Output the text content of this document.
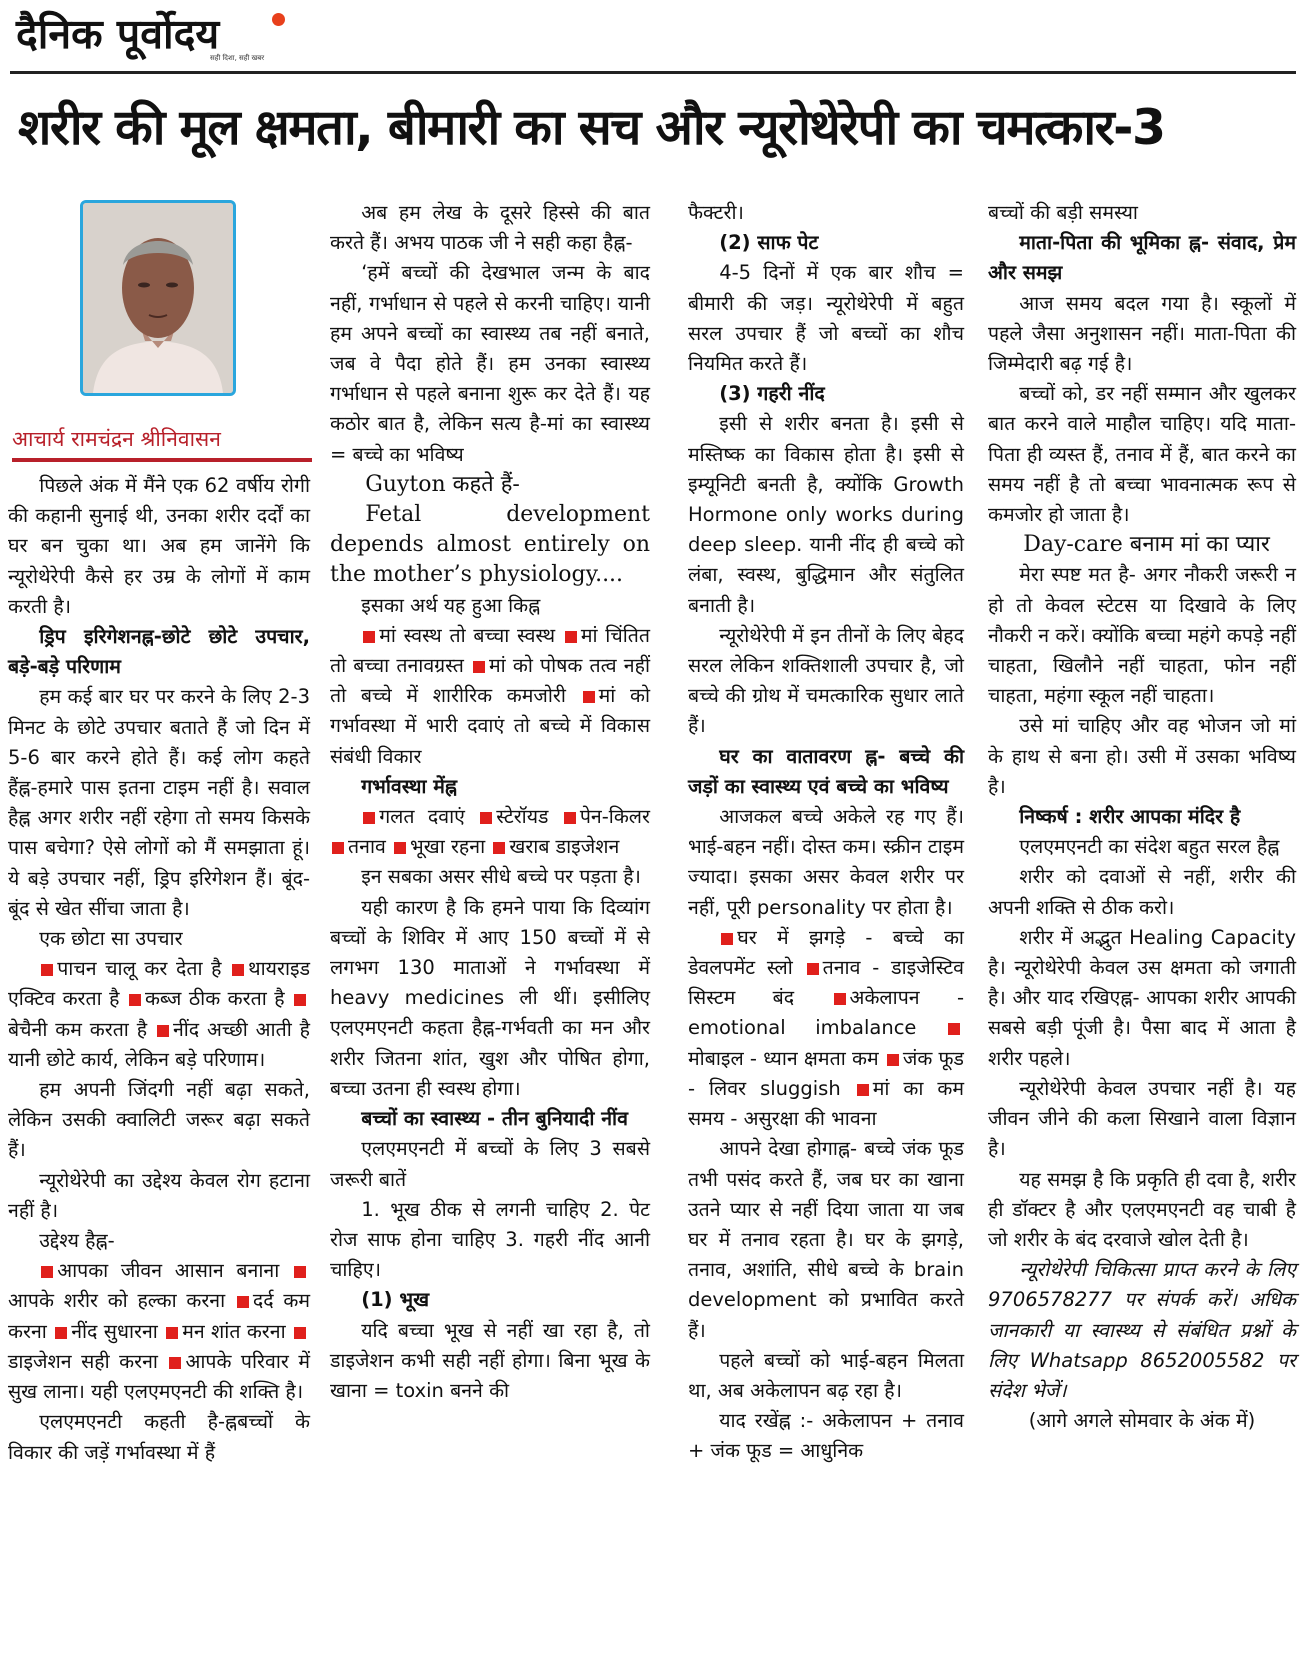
दैनिक पूर्वोदय
सही दिशा, सही खबर
शरीर की मूल क्षमता, बीमारी का सच और न्यूरोथेरेपी का चमत्कार-3
आचार्य रामचंद्रन श्रीनिवासन

पिछले अंक में मैंने एक 62 वर्षीय रोगी की कहानी सुनाई थी, उनका शरीर दर्दों का घर बन चुका था। अब हम जानेंगे कि न्यूरोथेरेपी कैसे हर उम्र के लोगों में काम करती है।

ड्रिप इरिगेशनह्न-छोटे छोटे उपचार, बड़े-बड़े परिणाम

हम कई बार घर पर करने के लिए 2-3 मिनट के छोटे उपचार बताते हैं जो दिन में 5-6 बार करने होते हैं। कई लोग कहते हैंह्न-हमारे पास इतना टाइम नहीं है। सवाल हैह्न अगर शरीर नहीं रहेगा तो समय किसके पास बचेगा? ऐसे लोगों को मैं समझाता हूं। ये बड़े उपचार नहीं, ड्रिप इरिगेशन हैं। बूंद-बूंद से खेत सींचा जाता है।

एक छोटा सा उपचार

पाचन चालू कर देता है थायराइड एक्टिव करता है कब्ज ठीक करता है बेचैनी कम करता है नींद अच्छी आती है यानी छोटे कार्य, लेकिन बड़े परिणाम।

हम अपनी जिंदगी नहीं बढ़ा सकते, लेकिन उसकी क्वालिटी जरूर बढ़ा सकते हैं।

न्यूरोथेरेपी का उद्देश्य केवल रोग हटाना नहीं है।

उद्देश्य हैह्न-

आपका जीवन आसान बनाना आपके शरीर को हल्का करना दर्द कम करना नींद सुधारना मन शांत करना डाइजेशन सही करना आपके परिवार में सुख लाना। यही एलएमएनटी की शक्ति है।

एलएमएनटी कहती है-ह्नबच्चों के विकार की जड़ें गर्भावस्था में हैं

अब हम लेख के दूसरे हिस्से की बात करते हैं। अभय पाठक जी ने सही कहा हैह्न-

‘हमें बच्चों की देखभाल जन्म के बाद नहीं, गर्भाधान से पहले से करनी चाहिए। यानी हम अपने बच्चों का स्वास्थ्य तब नहीं बनाते, जब वे पैदा होते हैं। हम उनका स्वास्थ्य गर्भाधान से पहले बनाना शुरू कर देते हैं। यह कठोर बात है, लेकिन सत्य है-मां का स्वास्थ्य = बच्चे का भविष्य

Guyton कहते हैं-

Fetal development depends almost entirely on the mother’s physiology....

इसका अर्थ यह हुआ किह्न

मां स्वस्थ तो बच्चा स्वस्थ मां चिंतित तो बच्चा तनावग्रस्त मां को पोषक तत्व नहीं तो बच्चे में शारीरिक कमजोरी मां को गर्भावस्था में भारी दवाएं तो बच्चे में विकास संबंधी विकार

गर्भावस्था मेंह्न

गलत दवाएं स्टेरॉयड पेन-किलर तनाव भूखा रहना खराब डाइजेशन

इन सबका असर सीधे बच्चे पर पड़ता है।

यही कारण है कि हमने पाया कि दिव्यांग बच्चों के शिविर में आए 150 बच्चों में से लगभग 130 माताओं ने गर्भावस्था में heavy medicines ली थीं। इसीलिए एलएमएनटी कहता हैह्न-गर्भवती का मन और शरीर जितना शांत, खुश और पोषित होगा, बच्चा उतना ही स्वस्थ होगा।

बच्चों का स्वास्थ्य - तीन बुनियादी नींव

एलएमएनटी में बच्चों के लिए 3 सबसे जरूरी बातें

1. भूख ठीक से लगनी चाहिए 2. पेट रोज साफ होना चाहिए 3. गहरी नींद आनी चाहिए।

(1) भूख

यदि बच्चा भूख से नहीं खा रहा है, तो डाइजेशन कभी सही नहीं होगा। बिना भूख के खाना = toxin बनने की

फैक्टरी।

(2) साफ पेट

4-5 दिनों में एक बार शौच = बीमारी की जड़। न्यूरोथेरेपी में बहुत सरल उपचार हैं जो बच्चों का शौच नियमित करते हैं।

(3) गहरी नींद

इसी से शरीर बनता है। इसी से मस्तिष्क का विकास होता है। इसी से इम्यूनिटी बनती है, क्योंकि Growth Hormone only works during deep sleep. यानी नींद ही बच्चे को लंबा, स्वस्थ, बुद्धिमान और संतुलित बनाती है।

न्यूरोथेरेपी में इन तीनों के लिए बेहद सरल लेकिन शक्तिशाली उपचार है, जो बच्चे की ग्रोथ में चमत्कारिक सुधार लाते हैं।

घर का वातावरण ह्न- बच्चे की जड़ों का स्वास्थ्य एवं बच्चे का भविष्य

आजकल बच्चे अकेले रह गए हैं। भाई-बहन नहीं। दोस्त कम। स्क्रीन टाइम ज्यादा। इसका असर केवल शरीर पर नहीं, पूरी personality पर होता है।

घर में झगड़े - बच्चे का डेवलपमेंट स्लो तनाव - डाइजेस्टिव सिस्टम बंद	अकेलापन - emotional imbalance मोबाइल - ध्यान क्षमता कम जंक फूड - लिवर sluggish मां का कम समय - असुरक्षा की भावना

आपने देखा होगाह्न- बच्चे जंक फूड तभी पसंद करते हैं, जब घर का खाना उतने प्यार से नहीं दिया जाता या जब घर में तनाव रहता है। घर के झगड़े, तनाव, अशांति, सीधे बच्चे के brain development को प्रभावित करते हैं।

पहले बच्चों को भाई-बहन मिलता था, अब अकेलापन बढ़ रहा है।

याद रखेंह्न :- अकेलापन + तनाव + जंक फूड = आधुनिक

बच्चों की बड़ी समस्या

माता-पिता की भूमिका ह्न- संवाद, प्रेम और समझ

आज समय बदल गया है। स्कूलों में पहले जैसा अनुशासन नहीं। माता-पिता की जिम्मेदारी बढ़ गई है।

बच्चों को, डर नहीं सम्मान और खुलकर बात करने वाले माहौल चाहिए। यदि माता-पिता ही व्यस्त हैं, तनाव में हैं, बात करने का समय नहीं है तो बच्चा भावनात्मक रूप से कमजोर हो जाता है।

Day-care बनाम मां का प्यार

मेरा स्पष्ट मत है- अगर नौकरी जरूरी न हो तो केवल स्टेटस या दिखावे के लिए नौकरी न करें। क्योंकि बच्चा महंगे कपड़े नहीं चाहता, खिलौने नहीं चाहता, फोन नहीं चाहता, महंगा स्कूल नहीं चाहता।

उसे मां चाहिए और वह भोजन जो मां के हाथ से बना हो। उसी में उसका भविष्य है।

निष्कर्ष : शरीर आपका मंदिर है

एलएमएनटी का संदेश बहुत सरल हैह्न

शरीर को दवाओं से नहीं, शरीर की अपनी शक्ति से ठीक करो।

शरीर में अद्भुत Healing Capacity है। न्यूरोथेरेपी केवल उस क्षमता को जगाती है। और याद रखिएह्न- आपका शरीर आपकी सबसे बड़ी पूंजी है। पैसा बाद में आता है शरीर पहले।

न्यूरोथेरेपी केवल उपचार नहीं है। यह जीवन जीने की कला सिखाने वाला विज्ञान है।

यह समझ है कि प्रकृति ही दवा है, शरीर ही डॉक्टर है और एलएमएनटी वह चाबी है जो शरीर के बंद दरवाजे खोल देती है।

न्यूरोथेरेपी चिकित्सा प्राप्त करने के लिए 9706578277 पर संपर्क करें। अधिक जानकारी या स्वास्थ्य से संबंधित प्रश्नों के लिए Whatsapp 8652005582 पर संदेश भेजें।

(आगे अगले सोमवार के अंक में)
